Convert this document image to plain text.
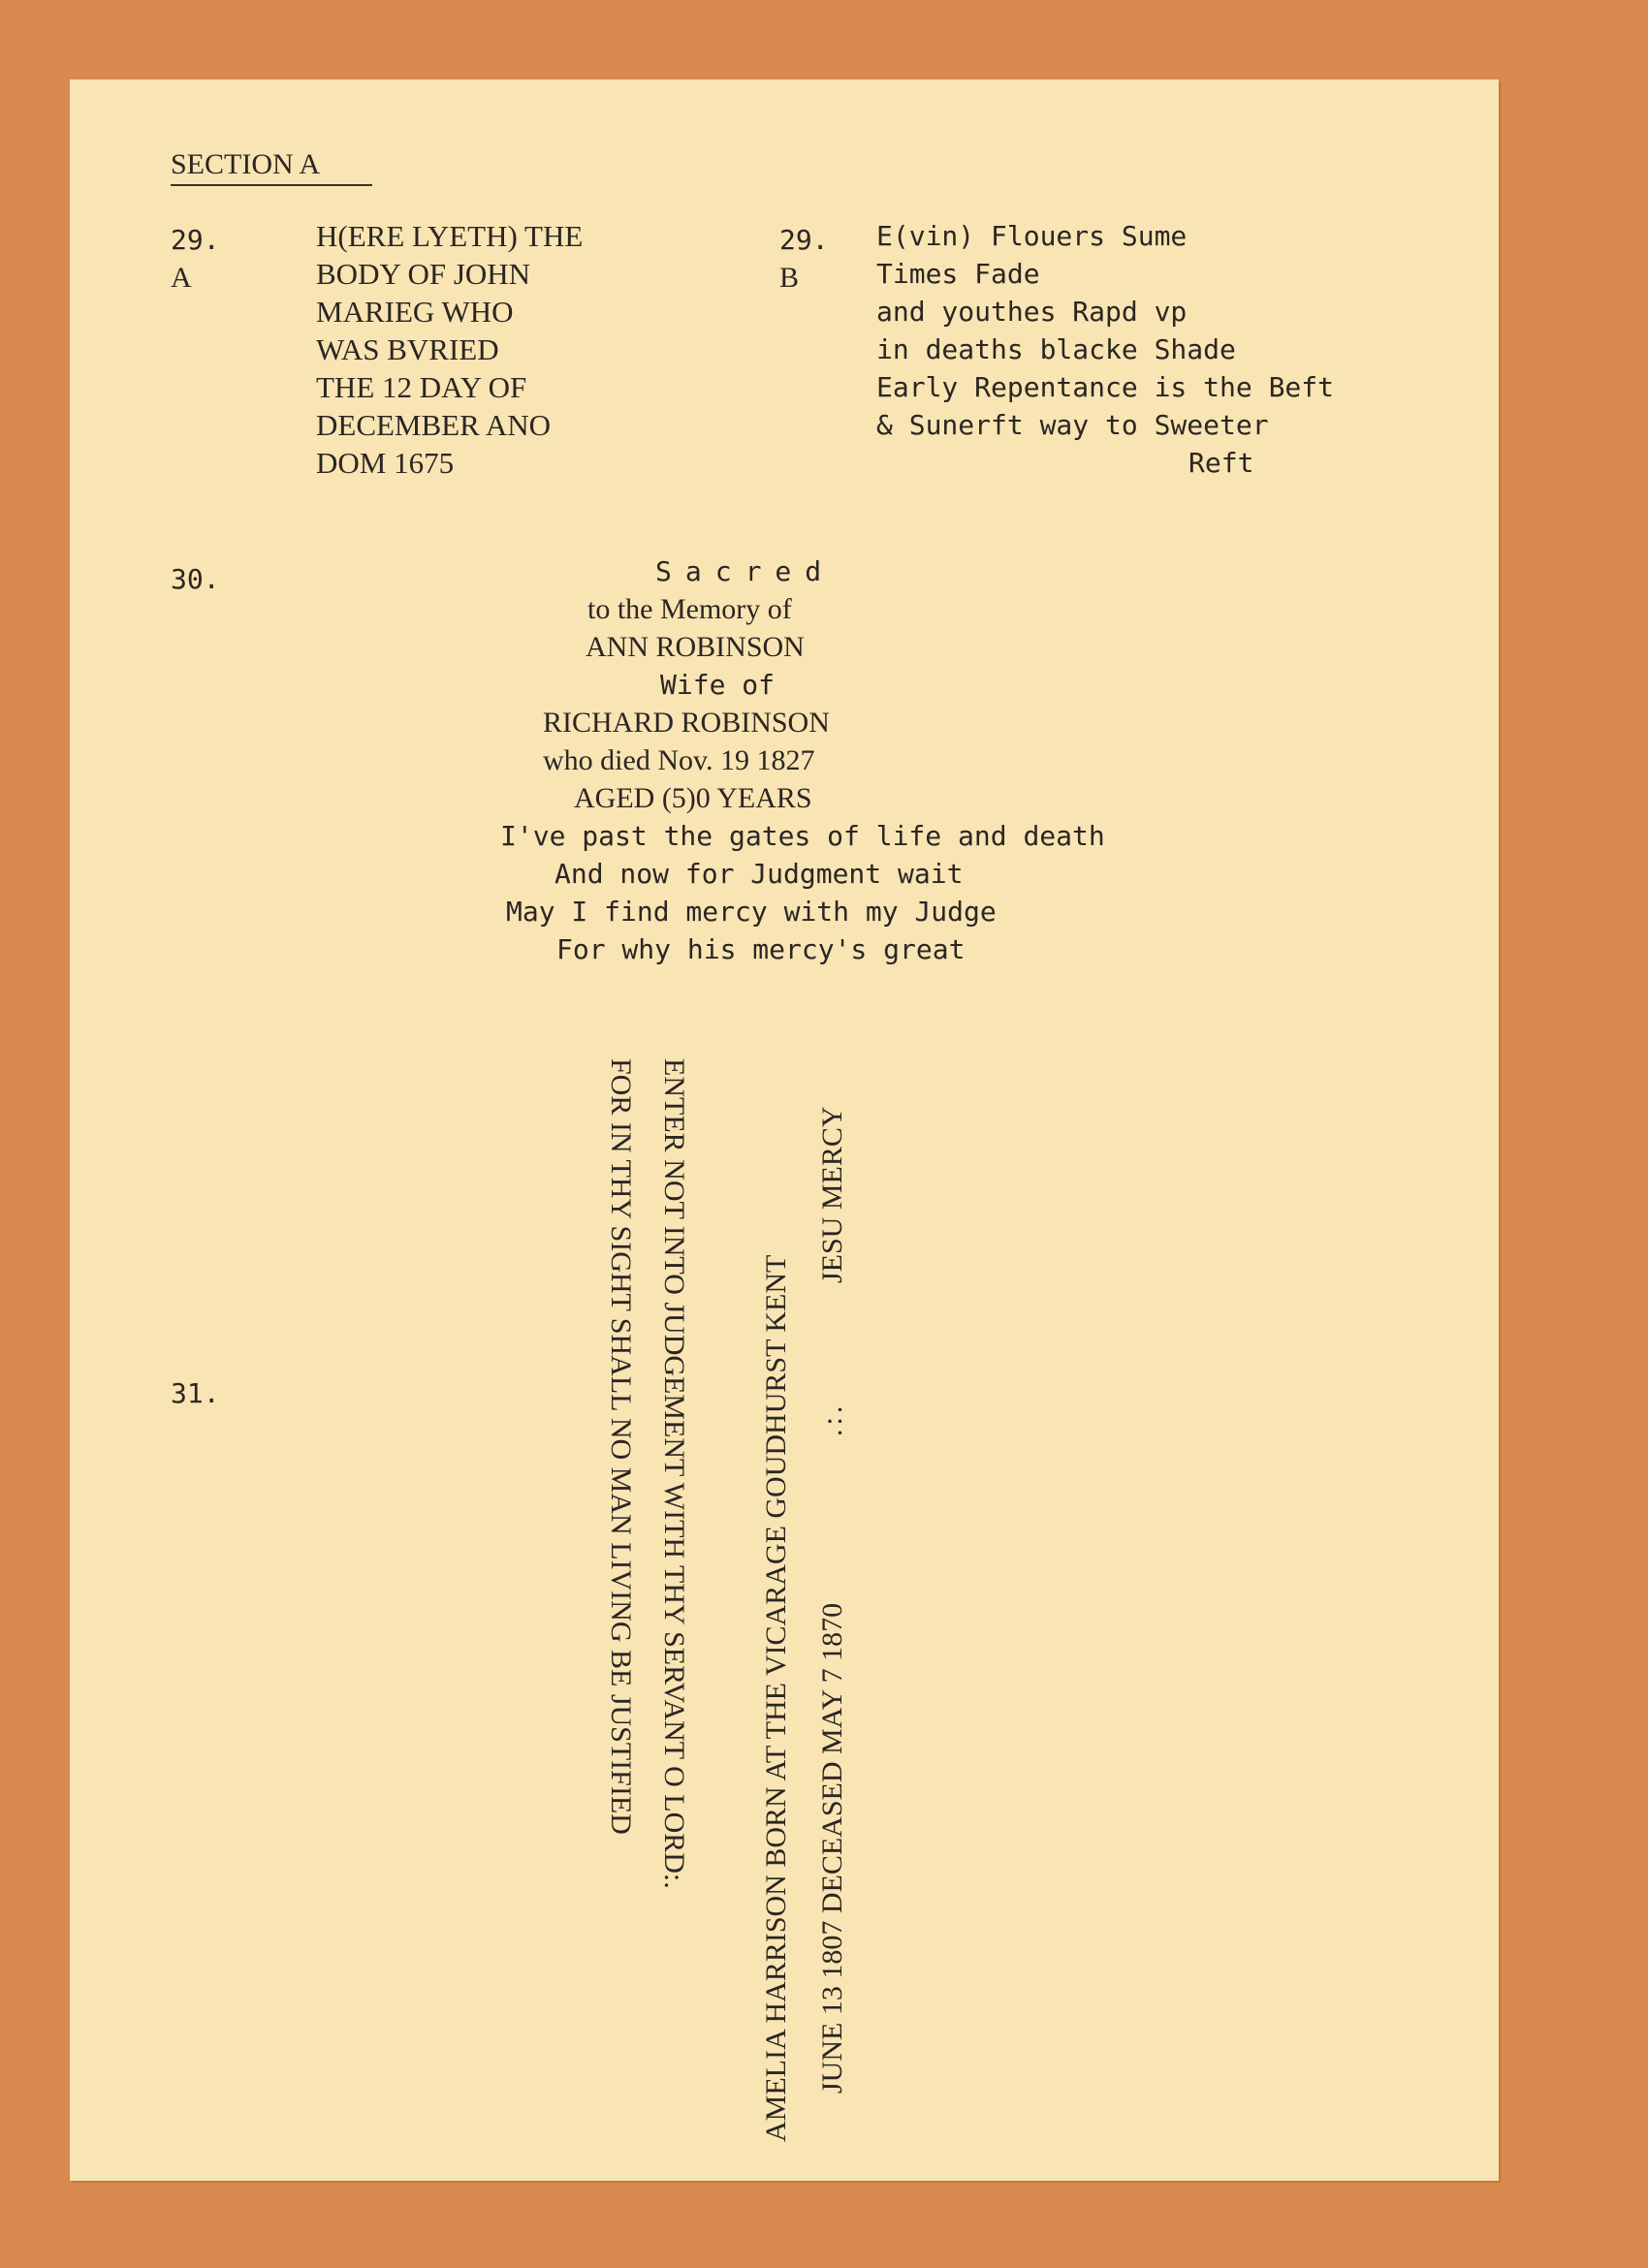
SECTION A
29.
A
H(ERE LYETH) THE
BODY OF JOHN
MARIEG WHO
WAS BVRIED
THE 12 DAY OF
DECEMBER ANO
DOM 1675
29.
B
E(vin) Flouers Sume
Times Fade
and youthes Rapd vp
in deaths blacke Shade
Early Repentance is the Beft
& Sunerft way to Sweeter
Reft
30.	Sacred
to the Memory of
ANN ROBINSON
Wife of
RICHARD ROBINSON
who died Nov. 19 1827
AGED (5)0 YEARS
I've past the gates of life and death
And now for Judgment wait
May I find mercy with my Judge
For why his mercy's great
31.	ENTER NOT INTO JUDGEMENT WITH THY SERVANT O LORD:.
FOR IN THY SIGHT SHALL NO MAN LIVING BE JUSTIFIED	AMELIA HARRISON BORN AT THE VICARAGE GOUDHURST KENT
JESU MERCY
.:.
JUNE 13 1807 DECEASED MAY 7 1870
